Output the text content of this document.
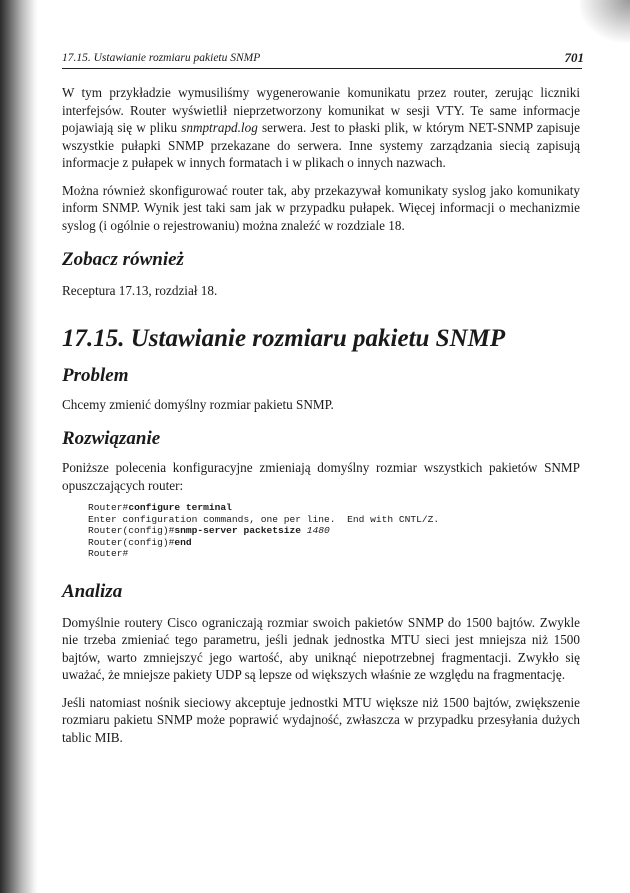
17.15. Ustawianie rozmiaru pakietu SNMP	701

W tym przykładzie wymusiliśmy wygenerowanie komunikatu przez router, zerując liczniki interfejsów. Router wyświetlił nieprzetworzony komunikat w sesji VTY. Te same informacje pojawiają się w pliku snmptrapd.log serwera. Jest to płaski plik, w którym NET-SNMP zapisuje wszystkie pułapki SNMP przekazane do serwera. Inne systemy zarządzania siecią zapisują informacje z pułapek w innych formatach i w plikach o innych nazwach.

Można również skonfigurować router tak, aby przekazywał komunikaty syslog jako komunikaty inform SNMP. Wynik jest taki sam jak w przypadku pułapek. Więcej informacji o mechanizmie syslog (i ogólnie o rejestrowaniu) można znaleźć w rozdziale 18.

Zobacz również

Receptura 17.13, rozdział 18.

17.15. Ustawianie rozmiaru pakietu SNMP
Problem

Chcemy zmienić domyślny rozmiar pakietu SNMP.

Rozwiązanie

Poniższe polecenia konfiguracyjne zmieniają domyślny rozmiar wszystkich pakietów SNMP opuszczających router:

Router#configure terminal
Enter configuration commands, one per line.  End with CNTL/Z.
Router(config)#snmp-server packetsize 1480
Router(config)#end
Router#
Analiza

Domyślnie routery Cisco ograniczają rozmiar swoich pakietów SNMP do 1500 bajtów. Zwykle nie trzeba zmieniać tego parametru, jeśli jednak jednostka MTU sieci jest mniejsza niż 1500 bajtów, warto zmniejszyć jego wartość, aby uniknąć niepotrzebnej fragmentacji. Zwykło się uważać, że mniejsze pakiety UDP są lepsze od większych właśnie ze względu na fragmentację.

Jeśli natomiast nośnik sieciowy akceptuje jednostki MTU większe niż 1500 bajtów, zwiększenie rozmiaru pakietu SNMP może poprawić wydajność, zwłaszcza w przypadku przesyłania dużych tablic MIB.
